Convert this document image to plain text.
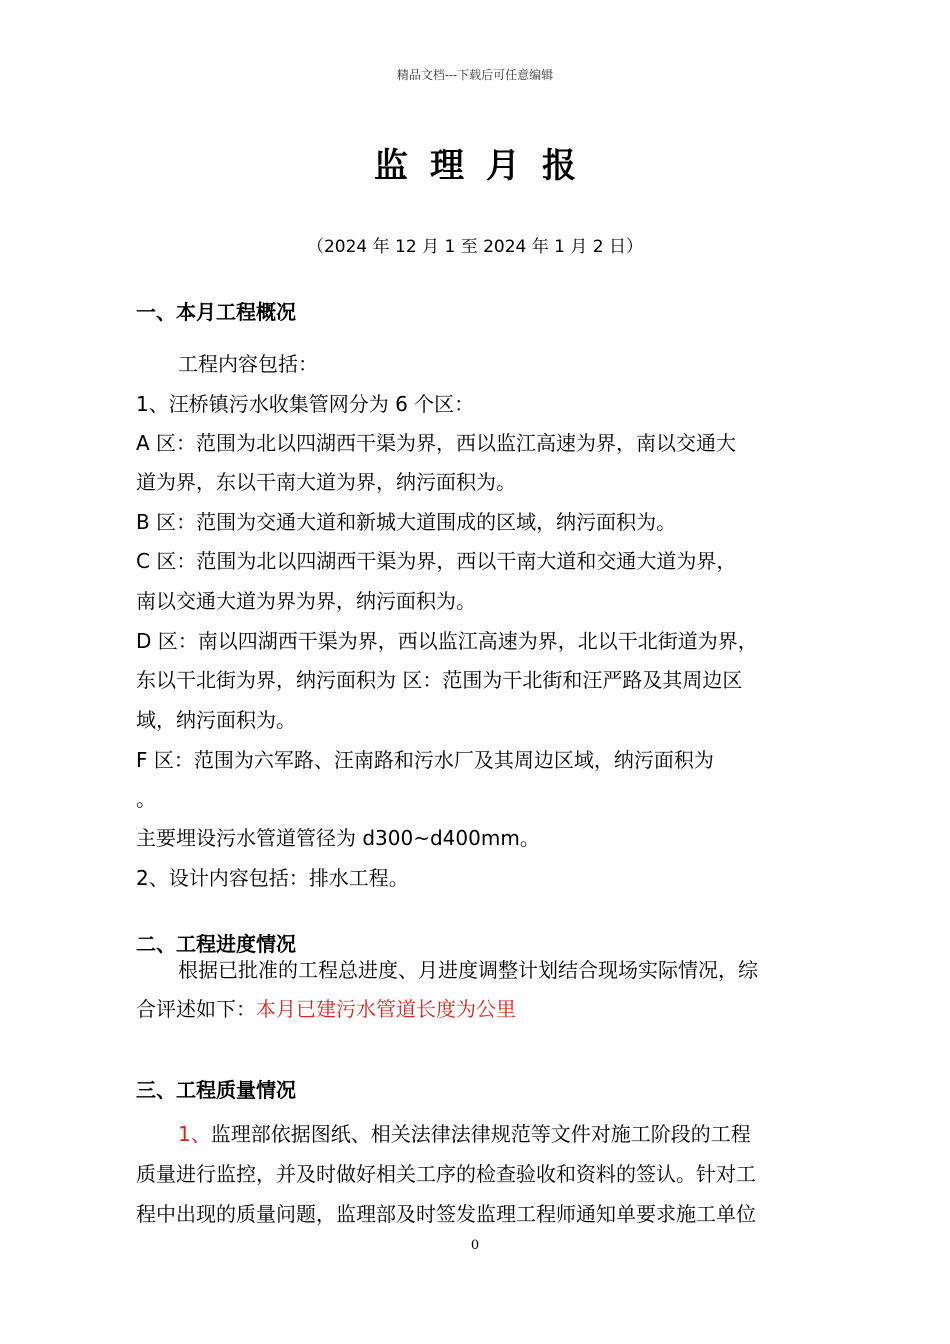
精品文档---下载后可任意编辑
监理月报
（2024 年 12 月 1 至 2024 年 1 月 2 日）
一、本月工程概况
工程内容包括：
1、汪桥镇污水收集管网分为 6 个区：
A 区：范围为北以四湖西干渠为界，西以监江高速为界，南以交通大
道为界，东以干南大道为界，纳污面积为。
B 区：范围为交通大道和新城大道围成的区域，纳污面积为。
C 区：范围为北以四湖西干渠为界，西以干南大道和交通大道为界，
南以交通大道为界为界，纳污面积为。
D 区：南以四湖西干渠为界，西以监江高速为界，北以干北街道为界，
东以干北街为界，纳污面积为 区：范围为干北街和汪严路及其周边区
域，纳污面积为。
F 区：范围为六军路、汪南路和污水厂及其周边区域，纳污面积为
。
主要埋设污水管道管径为 d300~d400mm。
2、设计内容包括：排水工程。
二、工程进度情况
根据已批准的工程总进度、月进度调整计划结合现场实际情况，综
合评述如下：本月已建污水管道长度为公里
三、工程质量情况
1、监理部依据图纸、相关法律法律规范等文件对施工阶段的工程
质量进行监控，并及时做好相关工序的检查验收和资料的签认。针对工
程中出现的质量问题，监理部及时签发监理工程师通知单要求施工单位
0
